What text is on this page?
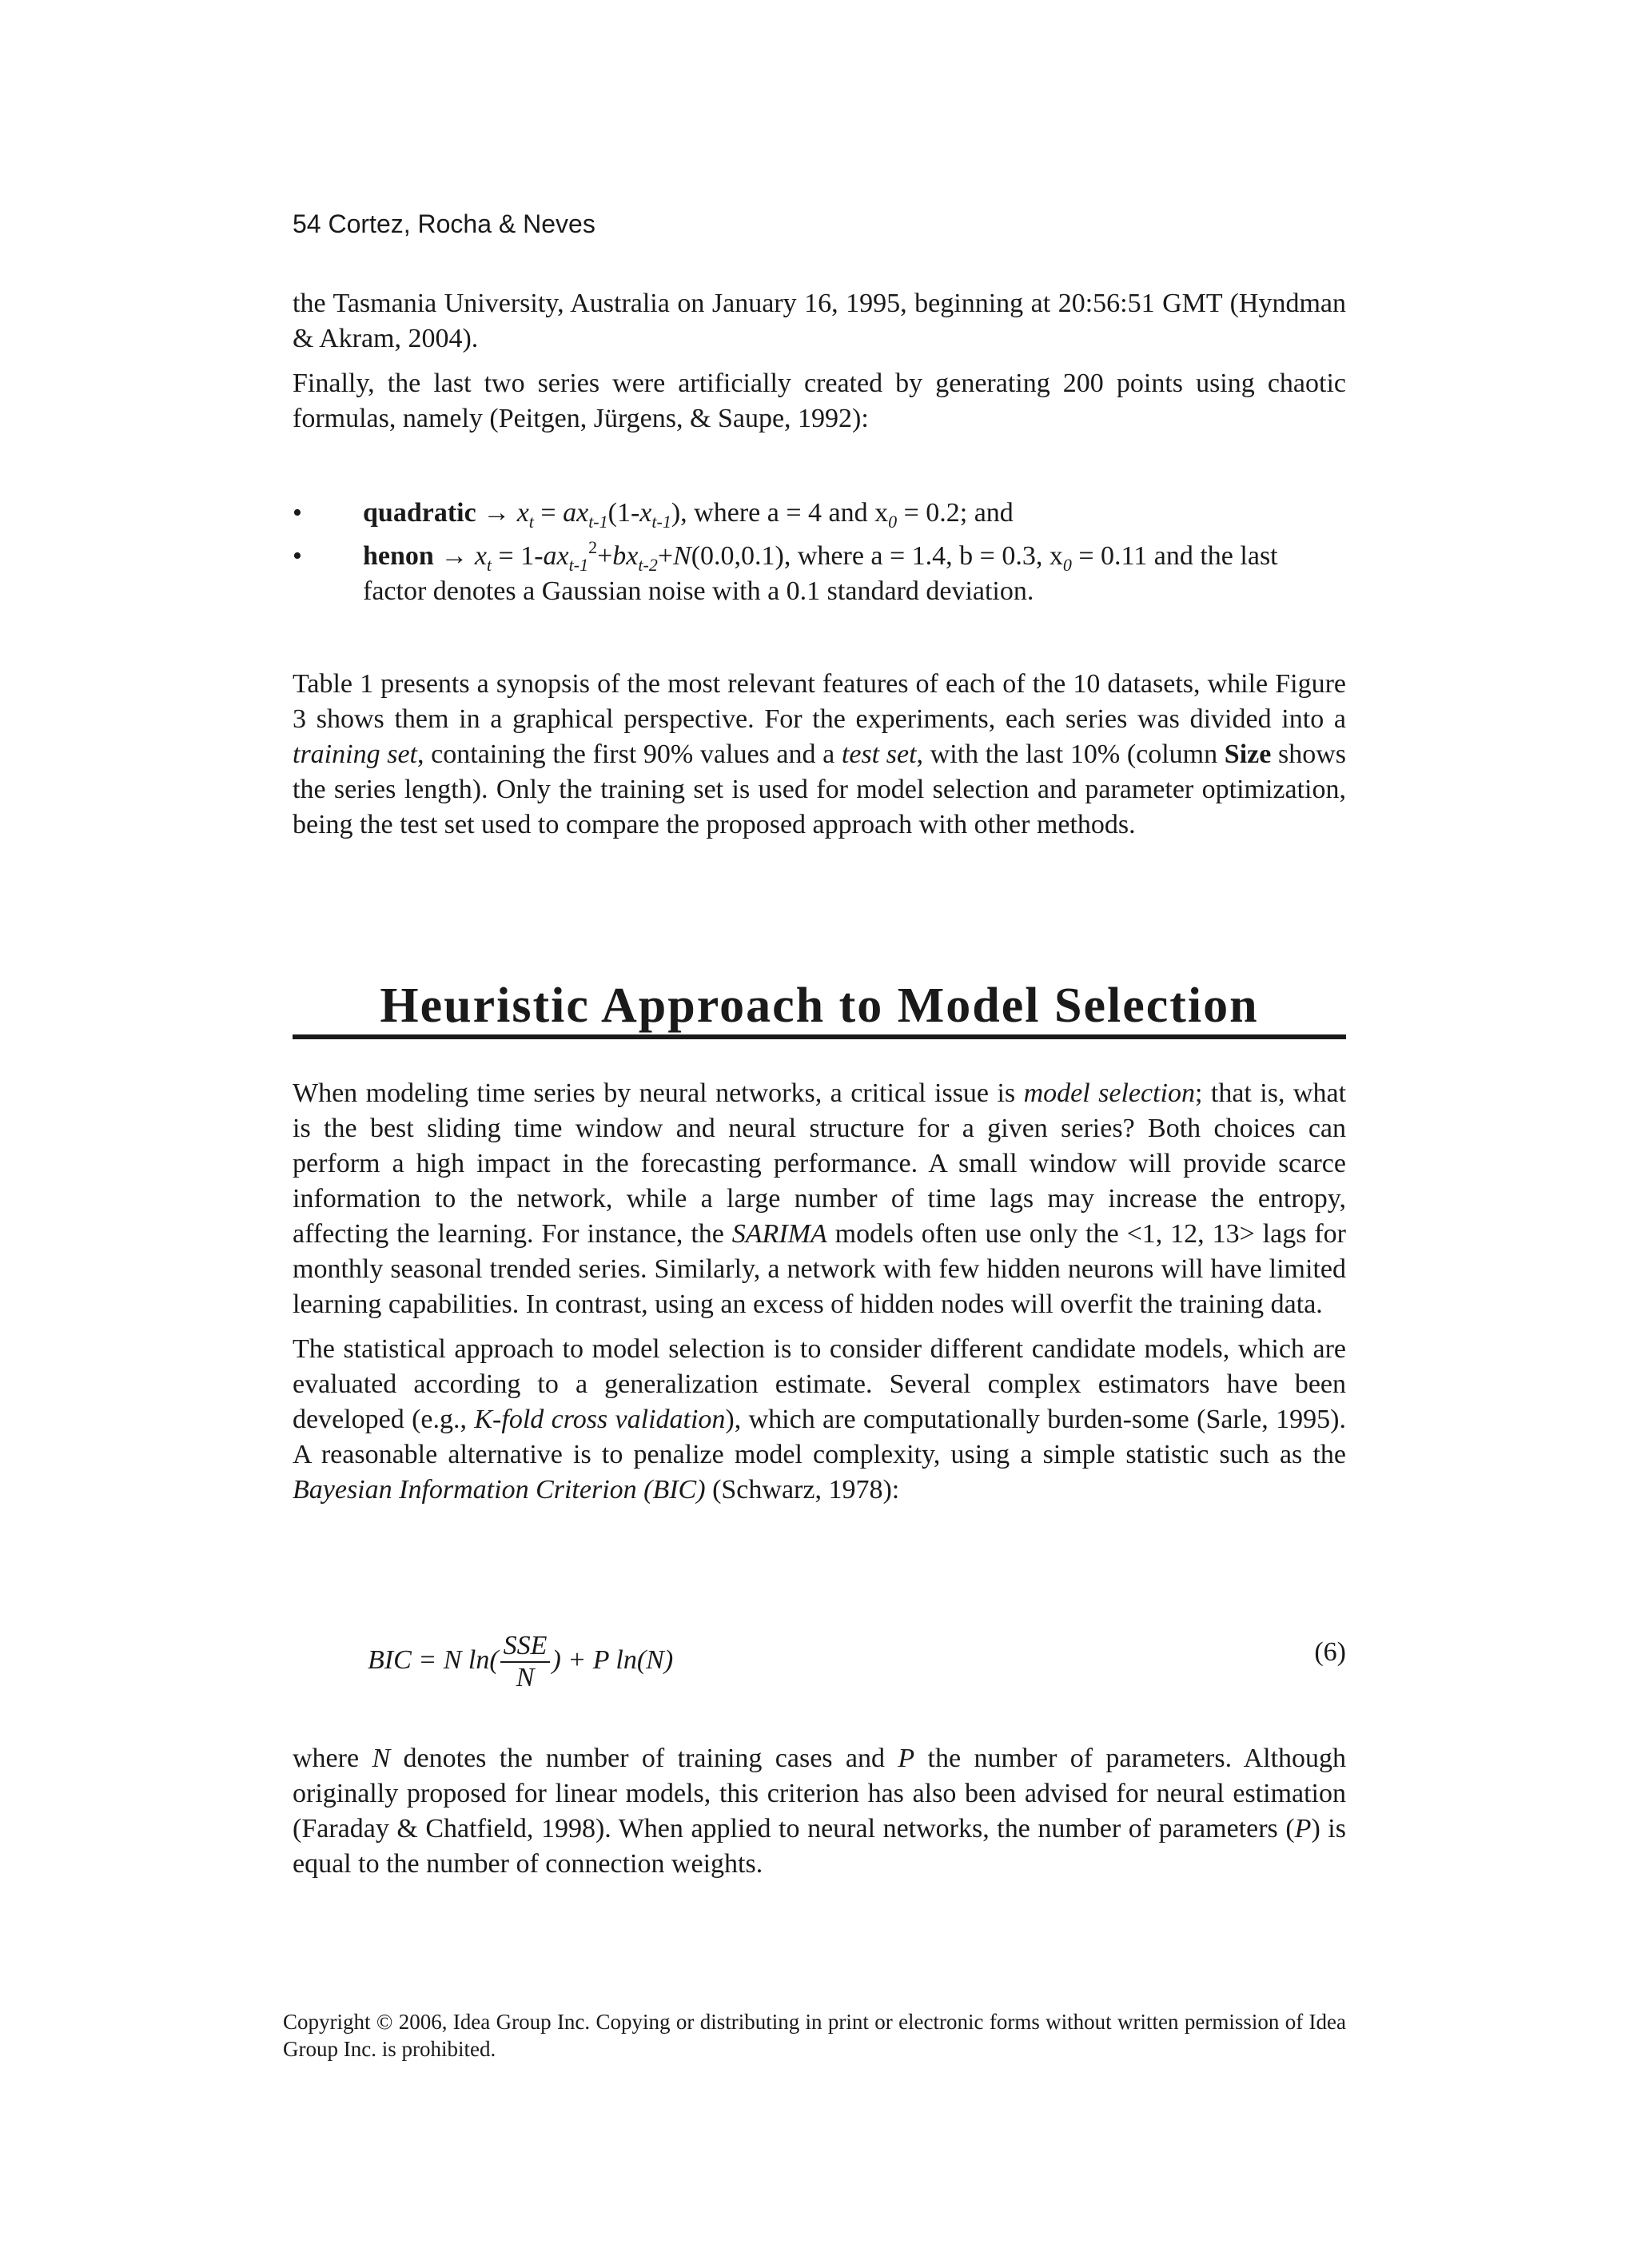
54 Cortez, Rocha & Neves

the Tasmania University, Australia on January 16, 1995, beginning at 20:56:51 GMT (Hyndman & Akram, 2004).

Finally, the last two series were artificially created by generating 200 points using chaotic formulas, namely (Peitgen, Jürgens, & Saupe, 1992):

• quadratic → $x_t = ax_{t-1}(1-x_{t-1})$, where a = 4 and $x_0 = 0.2$; and
• henon → $x_t = 1-ax_{t-1}^2+bx_{t-2}+N(0.0,0.1)$, where a = 1.4, b = 0.3, $x_0 = 0.11$ and the last factor denotes a Gaussian noise with a 0.1 standard deviation.

Table 1 presents a synopsis of the most relevant features of each of the 10 datasets, while Figure 3 shows them in a graphical perspective. For the experiments, each series was divided into a training set, containing the first 90% values and a test set, with the last 10% (column Size shows the series length). Only the training set is used for model selection and parameter optimization, being the test set used to compare the proposed approach with other methods.

Heuristic Approach to Model Selection

When modeling time series by neural networks, a critical issue is model selection; that is, what is the best sliding time window and neural structure for a given series? Both choices can perform a high impact in the forecasting performance. A small window will provide scarce information to the network, while a large number of time lags may increase the entropy, affecting the learning. For instance, the SARIMA models often use only the <1, 12, 13> lags for monthly seasonal trended series. Similarly, a network with few hidden neurons will have limited learning capabilities. In contrast, using an excess of hidden nodes will overfit the training data.

The statistical approach to model selection is to consider different candidate models, which are evaluated according to a generalization estimate. Several complex estimators have been developed (e.g., K-fold cross validation), which are computationally burden-some (Sarle, 1995). A reasonable alternative is to penalize model complexity, using a simple statistic such as the Bayesian Information Criterion (BIC) (Schwarz, 1978):

BIC = N $\ln( \frac{\text{SSE}}{N}$ ) + P ln(N)	(6)

where N denotes the number of training cases and P the number of parameters. Although originally proposed for linear models, this criterion has also been advised for neural estimation (Faraday & Chatfield, 1998). When applied to neural networks, the number of parameters (P) is equal to the number of connection weights.

Copyright © 2006, Idea Group Inc. Copying or distributing in print or electronic forms without written permission of Idea Group Inc. is prohibited.
